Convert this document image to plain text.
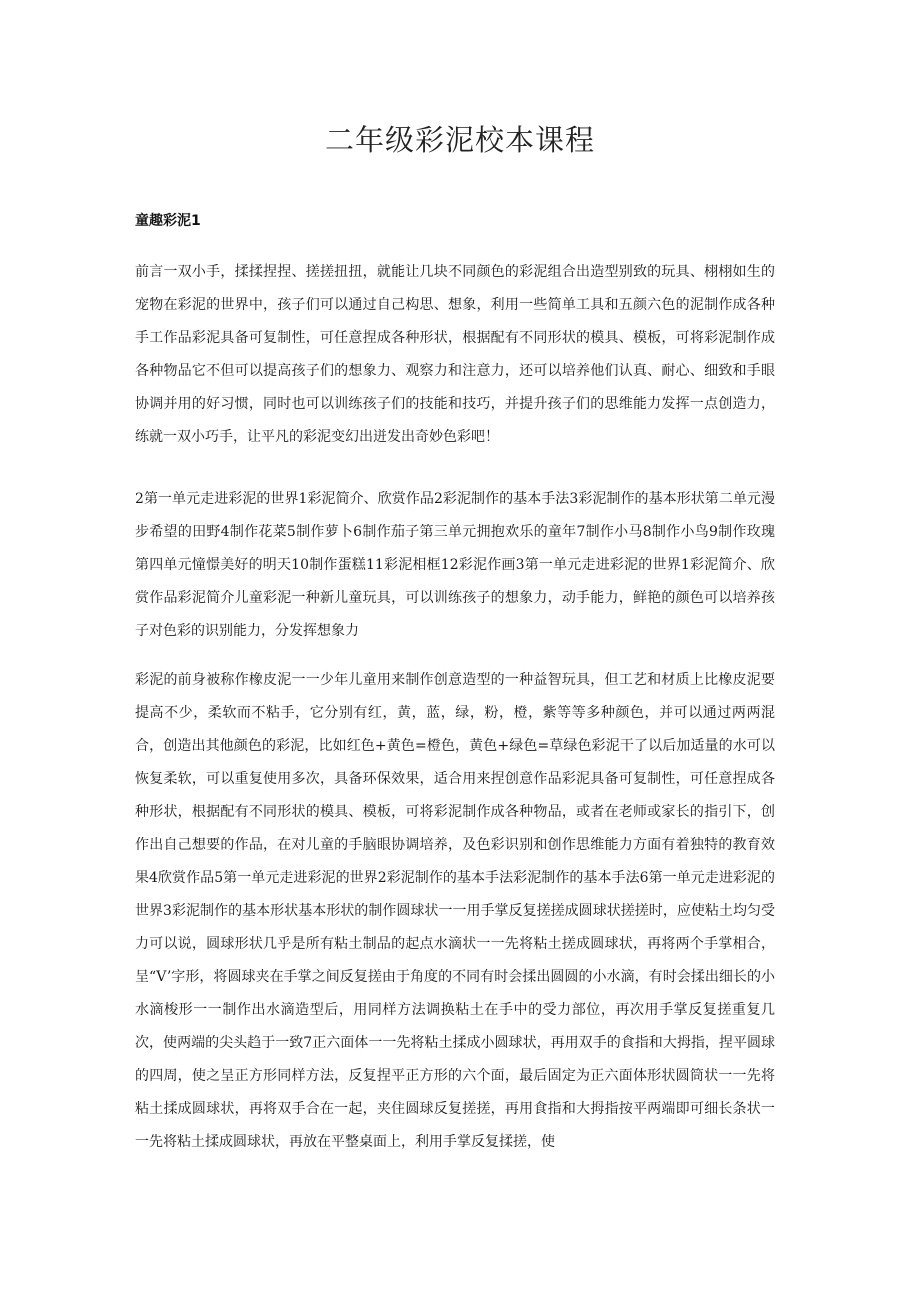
二年级彩泥校本课程
童趣彩泥1

前言一双小手，揉揉捏捏、搓搓扭扭，就能让几块不同颜色的彩泥组合出造型别致的玩具、栩栩如生的宠物在彩泥的世界中，孩子们可以通过自己构思、想象，利用一些简单工具和五颜六色的泥制作成各种手工作品彩泥具备可复制性，可任意捏成各种形状，根据配有不同形状的模具、模板，可将彩泥制作成各种物品它不但可以提高孩子们的想象力、观察力和注意力，还可以培养他们认真、耐心、细致和手眼协调并用的好习惯，同时也可以训练孩子们的技能和技巧，并提升孩子们的思维能力发挥一点创造力，练就一双小巧手，让平凡的彩泥变幻出迸发出奇妙色彩吧！

2第一单元走进彩泥的世界1彩泥简介、欣赏作品2彩泥制作的基本手法3彩泥制作的基本形状第二单元漫步希望的田野4制作花菜5制作萝卜6制作茄子第三单元拥抱欢乐的童年7制作小马8制作小鸟9制作玫瑰第四单元憧憬美好的明天10制作蛋糕11彩泥相框12彩泥作画3第一单元走进彩泥的世界1彩泥简介、欣赏作品彩泥简介儿童彩泥一种新儿童玩具，可以训练孩子的想象力，动手能力，鲜艳的颜色可以培养孩子对色彩的识别能力，分发挥想象力

彩泥的前身被称作橡皮泥一一少年儿童用来制作创意造型的一种益智玩具，但工艺和材质上比橡皮泥要提高不少，柔软而不粘手，它分别有红，黄，蓝，绿，粉，橙，紫等等多种颜色，并可以通过两两混合，创造出其他颜色的彩泥，比如红色+黄色=橙色，黄色+绿色=草绿色彩泥干了以后加适量的水可以恢复柔软，可以重复使用多次，具备环保效果，适合用来捏创意作品彩泥具备可复制性，可任意捏成各种形状，根据配有不同形状的模具、模板，可将彩泥制作成各种物品，或者在老师或家长的指引下，创作出自己想要的作品，在对儿童的手脑眼协调培养，及色彩识别和创作思维能力方面有着独特的教育效果4欣赏作品5第一单元走进彩泥的世界2彩泥制作的基本手法彩泥制作的基本手法6第一单元走进彩泥的世界3彩泥制作的基本形状基本形状的制作圆球状一一用手掌反复搓搓成圆球状搓搓时，应使粘土均匀受力可以说，圆球形状几乎是所有粘土制品的起点水滴状一一先将粘土搓成圆球状，再将两个手掌相合，呈“V’字形，将圆球夹在手掌之间反复搓由于角度的不同有时会揉出圆圆的小水滴，有时会揉出细长的小水滴梭形一一制作出水滴造型后，用同样方法调换粘土在手中的受力部位，再次用手掌反复搓重复几次，使两端的尖头趋于一致7正六面体一一先将粘土揉成小圆球状，再用双手的食指和大拇指，捏平圆球的四周，使之呈正方形同样方法，反复捏平正方形的六个面，最后固定为正六面体形状圆筒状一一先将粘土揉成圆球状，再将双手合在一起，夹住圆球反复搓搓，再用食指和大拇指按平两端即可细长条状一一先将粘土揉成圆球状，再放在平整桌面上，利用手掌反复揉搓，使
